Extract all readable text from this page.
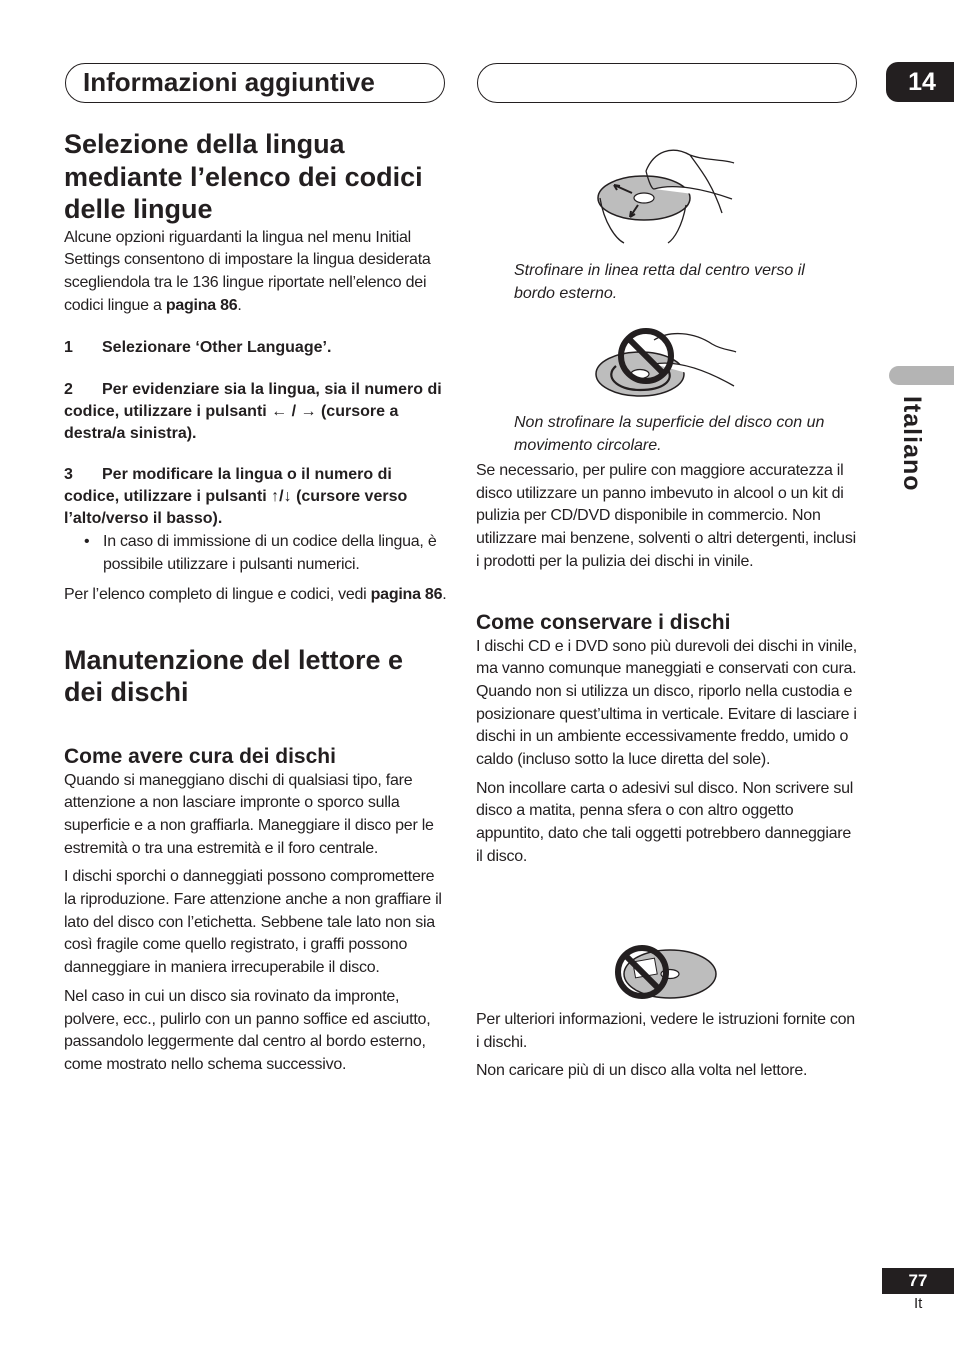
Informazioni aggiuntive	14
Italiano
Selezione della lingua mediante l’elenco dei codici delle lingue

Alcune opzioni riguardanti la lingua nel menu Initial Settings consentono di impostare la lingua desiderata scegliendola tra le 136 lingue riportate nell’elenco dei codici lingue a pagina 86.

1 Selezionare ‘Other Language’.

2 Per evidenziare sia la lingua, sia il numero di codice, utilizzare i pulsanti ← / → (cursore a destra/a sinistra).

3 Per modificare la lingua o il numero di codice, utilizzare i pulsanti ↑/↓ (cursore verso l’alto/verso il basso).

• In caso di immissione di un codice della lingua, è possibile utilizzare i pulsanti numerici.

Per l’elenco completo di lingue e codici, vedi pagina 86.

Manutenzione del lettore e dei dischi
Come avere cura dei dischi

Quando si maneggiano dischi di qualsiasi tipo, fare attenzione a non lasciare impronte o sporco sulla superficie e a non graffiarla. Maneggiare il disco per le estremità o tra una estremità e il foro centrale.

I dischi sporchi o danneggiati possono compromettere la riproduzione. Fare attenzione anche a non graffiare il lato del disco con l’etichetta. Sebbene tale lato non sia così fragile come quello registrato, i graffi possono danneggiare in maniera irrecuperabile il disco.

Nel caso in cui un disco sia rovinato da impronte, polvere, ecc., pulirlo con un panno soffice ed asciutto, passandolo leggermente dal centro al bordo esterno, come mostrato nello schema successivo.

Strofinare in linea retta dal centro verso il bordo esterno.

Non strofinare la superficie del disco con un movimento circolare.

Se necessario, per pulire con maggiore accuratezza il disco utilizzare un panno imbevuto in alcool o un kit di pulizia per CD/DVD disponibile in commercio. Non utilizzare mai benzene, solventi o altri detergenti, inclusi i prodotti per la pulizia dei dischi in vinile.

Come conservare i dischi

I dischi CD e i DVD sono più durevoli dei dischi in vinile, ma vanno comunque maneggiati e conservati con cura. Quando non si utilizza un disco, riporlo nella custodia e posizionare quest’ultima in verticale. Evitare di lasciare i dischi in un ambiente eccessivamente freddo, umido o caldo (incluso sotto la luce diretta del sole).

Non incollare carta o adesivi sul disco. Non scrivere sul disco a matita, penna sfera o con altro oggetto appuntito, dato che tali oggetti potrebbero danneggiare il disco.

Per ulteriori informazioni, vedere le istruzioni fornite con i dischi.

Non caricare più di un disco alla volta nel lettore.

77
It
